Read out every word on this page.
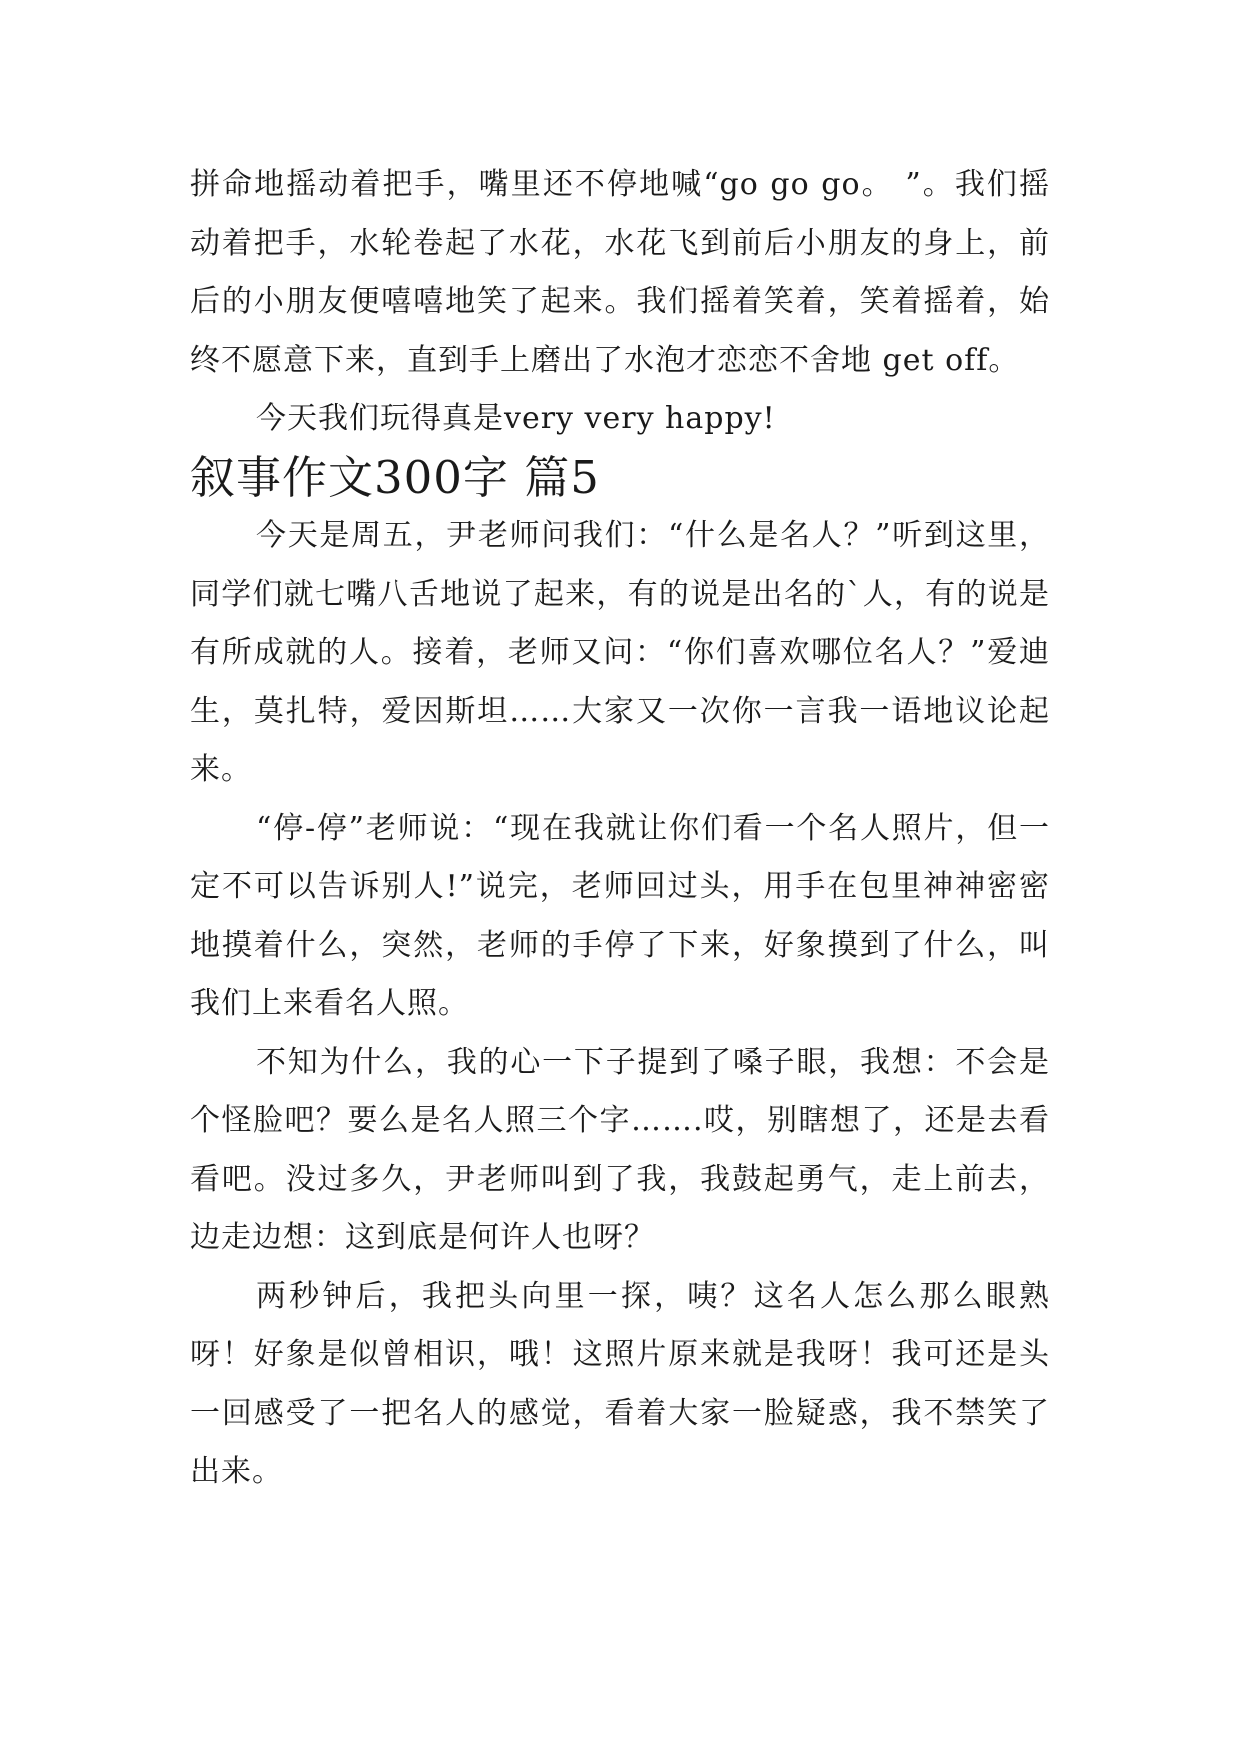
拼命地摇动着把手，嘴里还不停地喊“go go go。 ”。我们摇动着把手，水轮卷起了水花，水花飞到前后小朋友的身上，前后的小朋友便嘻嘻地笑了起来。我们摇着笑着，笑着摇着，始终不愿意下来，直到手上磨出了水泡才恋恋不舍地 get off。

今天我们玩得真是very very happy!

叙事作文300字 篇5

今天是周五，尹老师问我们：“什么是名人？”听到这里，同学们就七嘴八舌地说了起来，有的说是出名的`人，有的说是有所成就的人。接着，老师又问：“你们喜欢哪位名人？”爱迪生，莫扎特，爱因斯坦……大家又一次你一言我一语地议论起来。

“停-停”老师说：“现在我就让你们看一个名人照片，但一定不可以告诉别人!”说完，老师回过头，用手在包里神神密密地摸着什么，突然，老师的手停了下来，好象摸到了什么，叫我们上来看名人照。

不知为什么，我的心一下子提到了嗓子眼，我想：不会是个怪脸吧？要么是名人照三个字…….哎，别瞎想了，还是去看看吧。没过多久，尹老师叫到了我，我鼓起勇气，走上前去，边走边想：这到底是何许人也呀？

两秒钟后，我把头向里一探，咦？这名人怎么那么眼熟呀！好象是似曾相识，哦！这照片原来就是我呀！我可还是头一回感受了一把名人的感觉，看着大家一脸疑惑，我不禁笑了出来。
